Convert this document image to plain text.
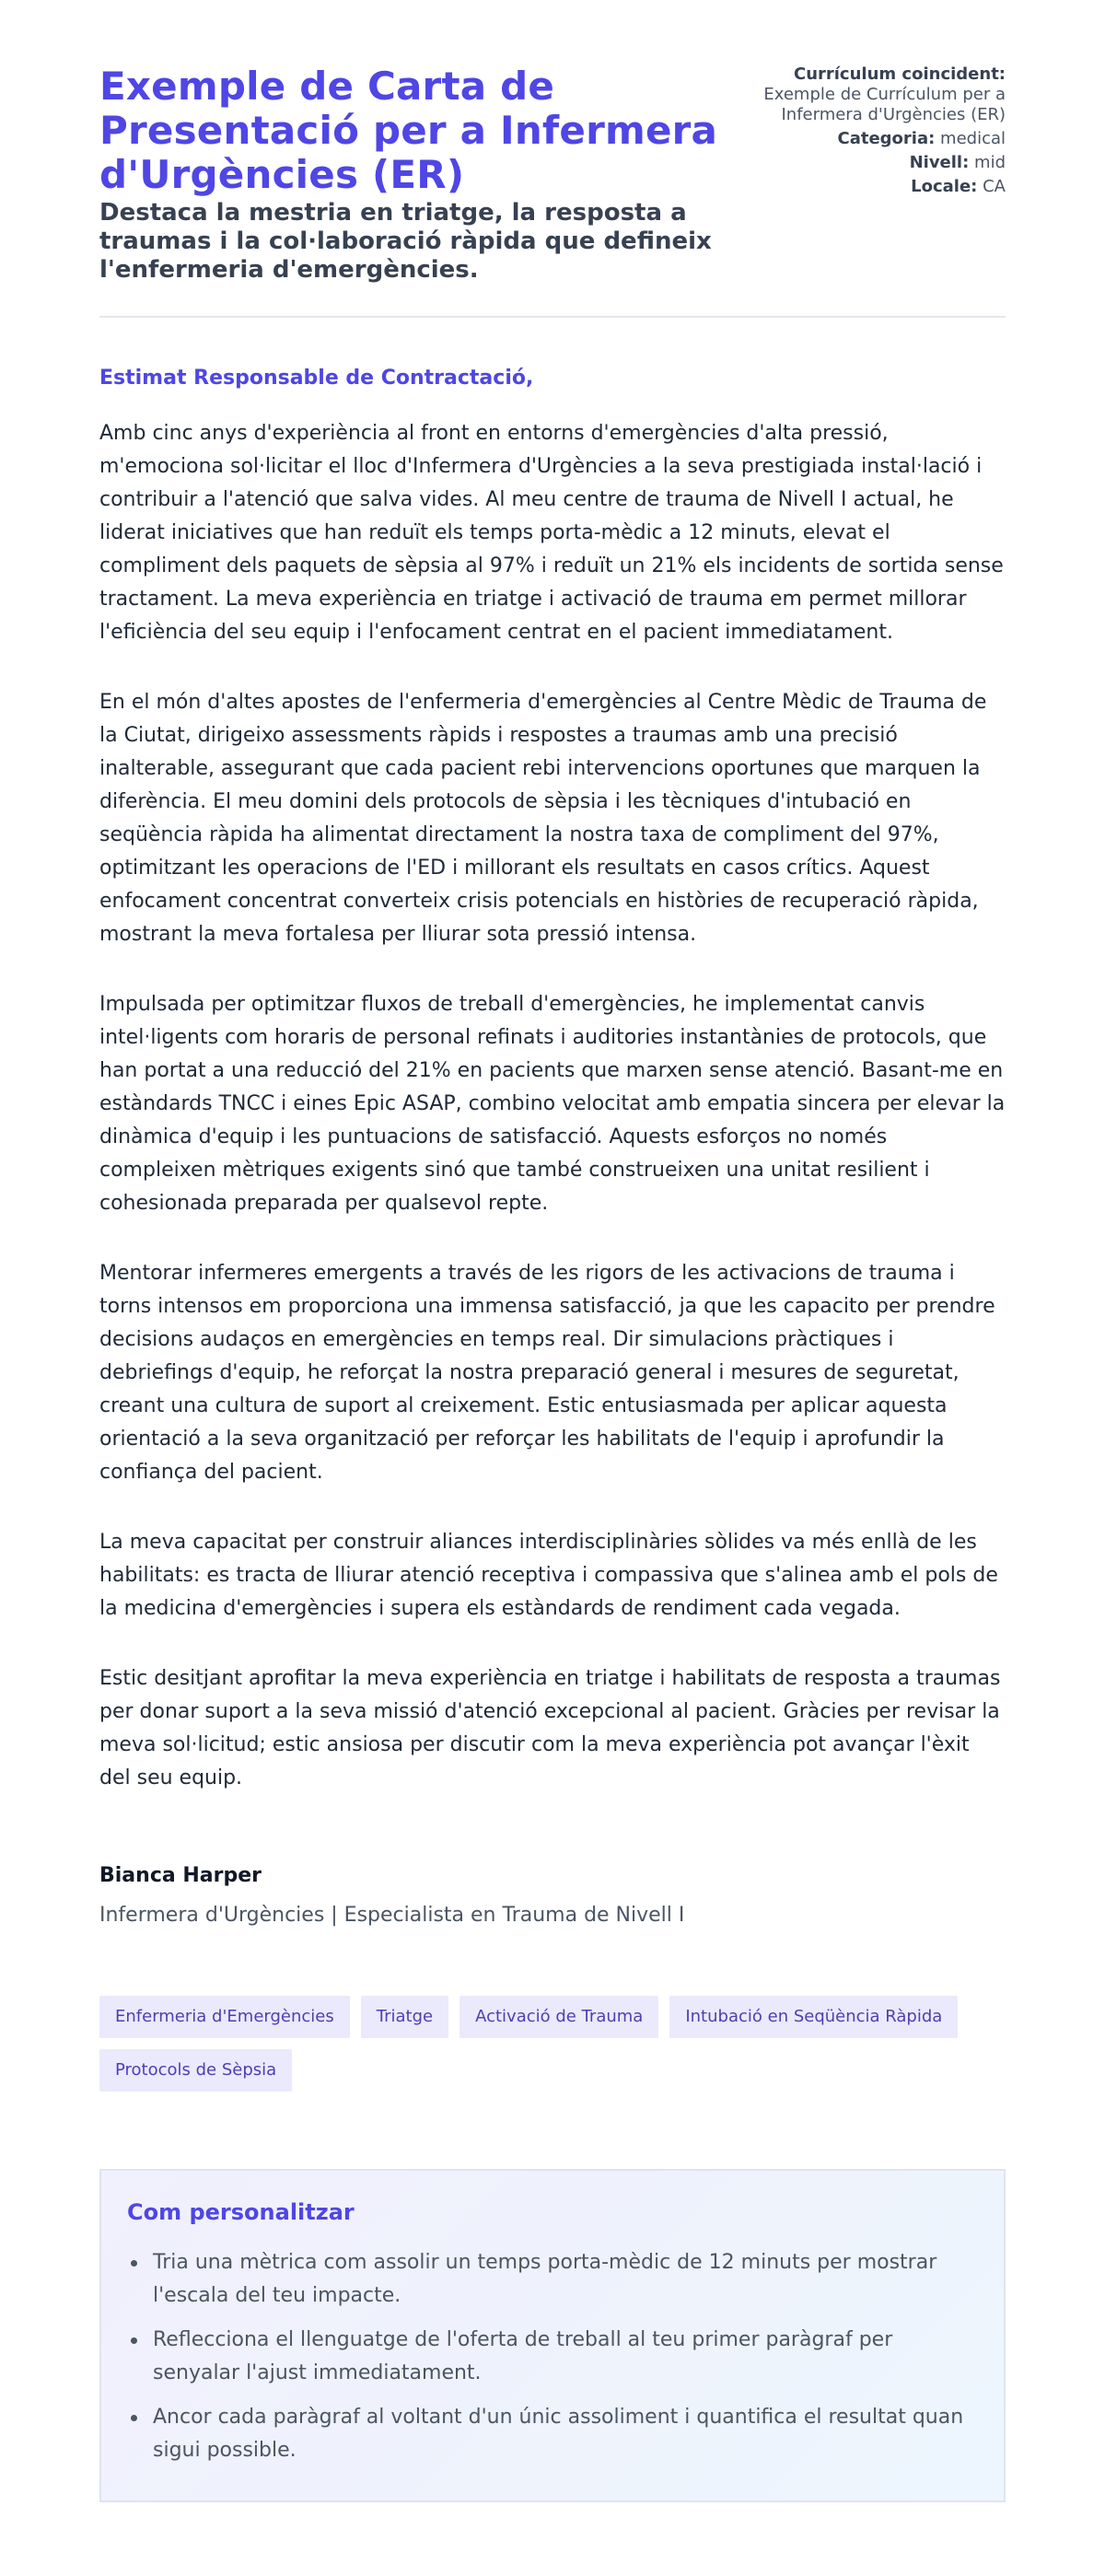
Exemple de Carta de Presentació per a Infermera d'Urgències (ER)
Destaca la mestria en triatge, la resposta a traumas i la col·laboració ràpida que defineix l'enfermeria d'emergències.
Currículum coincident:
Exemple de Currículum per a Infermera d'Urgències (ER)
Categoria: medical
Nivell: mid
Locale: CA
Estimat Responsable de Contractació,

Amb cinc anys d'experiència al front en entorns d'emergències d'alta pressió, m'emociona sol·licitar el lloc d'Infermera d'Urgències a la seva prestigiada instal·lació i contribuir a l'atenció que salva vides. Al meu centre de trauma de Nivell I actual, he liderat iniciatives que han reduït els temps porta-mèdic a 12 minuts, elevat el compliment dels paquets de sèpsia al 97% i reduït un 21% els incidents de sortida sense tractament. La meva experiència en triatge i activació de trauma em permet millorar l'eficiència del seu equip i l'enfocament centrat en el pacient immediatament.

En el món d'altes apostes de l'enfermeria d'emergències al Centre Mèdic de Trauma de la Ciutat, dirigeixo assessments ràpids i respostes a traumas amb una precisió inalterable, assegurant que cada pacient rebi intervencions oportunes que marquen la diferència. El meu domini dels protocols de sèpsia i les tècniques d'intubació en seqüència ràpida ha alimentat directament la nostra taxa de compliment del 97%, optimitzant les operacions de l'ED i millorant els resultats en casos crítics. Aquest enfocament concentrat converteix crisis potencials en històries de recuperació ràpida, mostrant la meva fortalesa per lliurar sota pressió intensa.

Impulsada per optimitzar fluxos de treball d'emergències, he implementat canvis intel·ligents com horaris de personal refinats i auditories instantànies de protocols, que han portat a una reducció del 21% en pacients que marxen sense atenció. Basant-me en estàndards TNCC i eines Epic ASAP, combino velocitat amb empatia sincera per elevar la dinàmica d'equip i les puntuacions de satisfacció. Aquests esforços no només compleixen mètriques exigents sinó que també construeixen una unitat resilient i cohesionada preparada per qualsevol repte.

Mentorar infermeres emergents a través de les rigors de les activacions de trauma i torns intensos em proporciona una immensa satisfacció, ja que les capacito per prendre decisions audaços en emergències en temps real. Dir simulacions pràctiques i debriefings d'equip, he reforçat la nostra preparació general i mesures de seguretat, creant una cultura de suport al creixement. Estic entusiasmada per aplicar aquesta orientació a la seva organització per reforçar les habilitats de l'equip i aprofundir la confiança del pacient.

La meva capacitat per construir aliances interdisciplinàries sòlides va més enllà de les habilitats: es tracta de lliurar atenció receptiva i compassiva que s'alinea amb el pols de la medicina d'emergències i supera els estàndards de rendiment cada vegada.

Estic desitjant aprofitar la meva experiència en triatge i habilitats de resposta a traumas per donar suport a la seva missió d'atenció excepcional al pacient. Gràcies per revisar la meva sol·licitud; estic ansiosa per discutir com la meva experiència pot avançar l'èxit del seu equip.

Bianca Harper
Infermera d'Urgències | Especialista en Trauma de Nivell I
Enfermeria d'Emergències	Triatge	Activació de Trauma	Intubació en Seqüència Ràpida
Protocols de Sèpsia
Com personalitzar
Tria una mètrica com assolir un temps porta-mèdic de 12 minuts per mostrar l'escala del teu impacte.
Reflecciona el llenguatge de l'oferta de treball al teu primer paràgraf per senyalar l'ajust immediatament.
Ancor cada paràgraf al voltant d'un únic assoliment i quantifica el resultat quan sigui possible.
